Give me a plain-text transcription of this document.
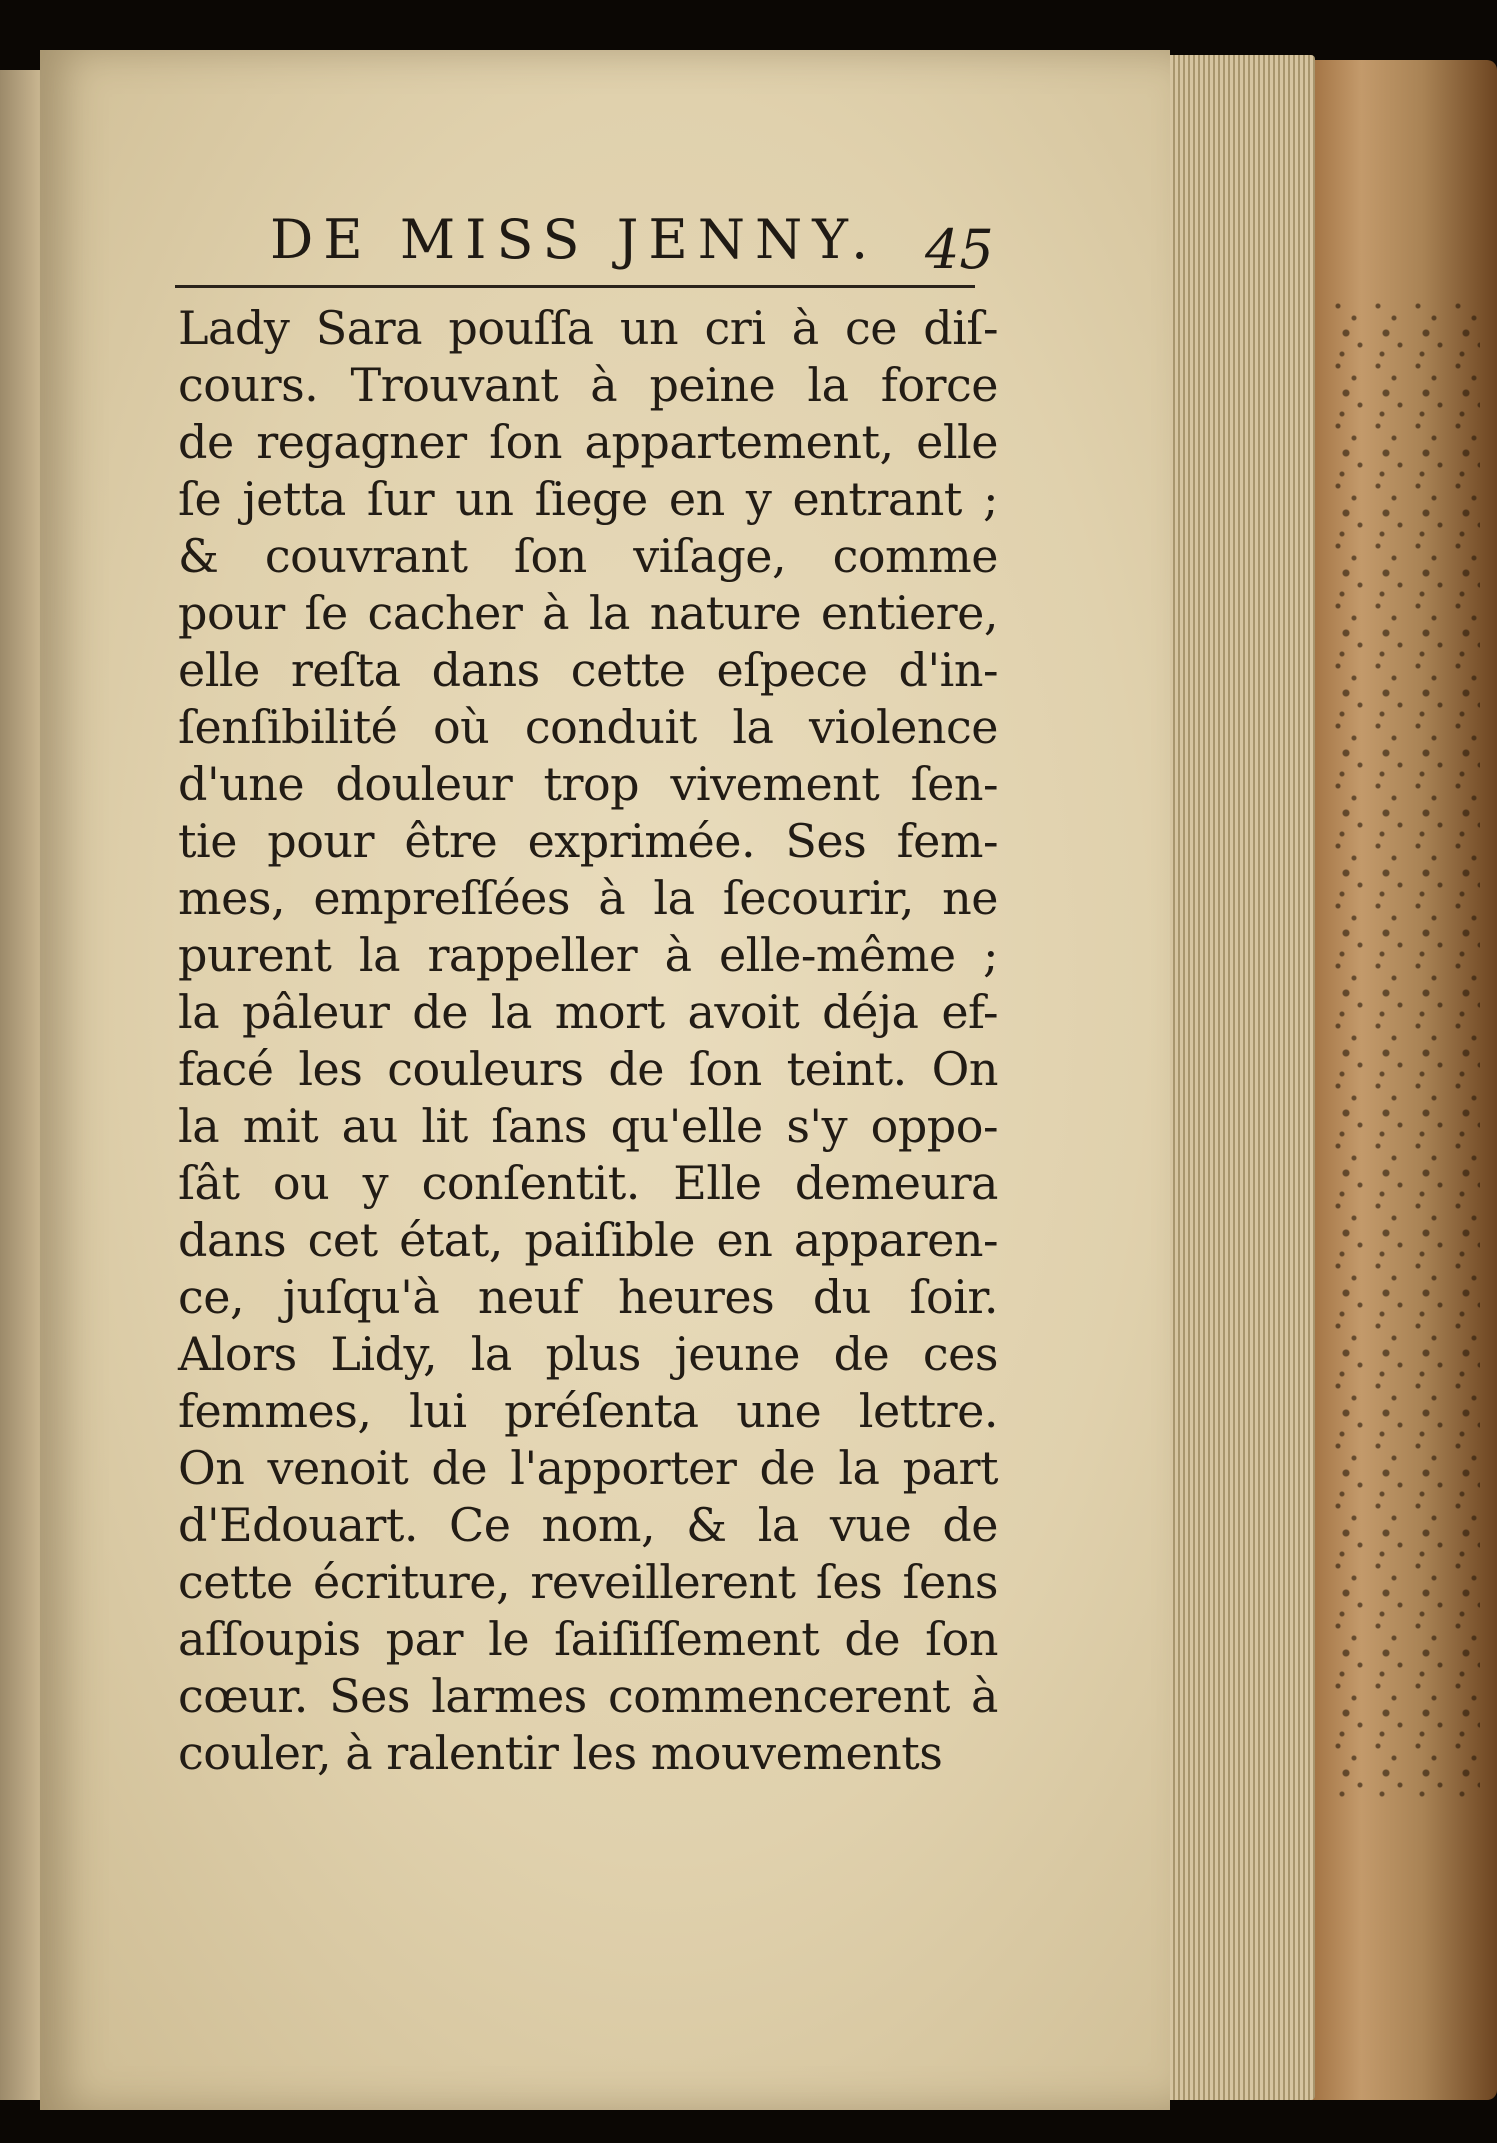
DE MISS JENNY. 45
Lady Sara pouſſa un cri à ce diſ-
cours. Trouvant à peine la force
de regagner ſon appartement, elle
ſe jetta ſur un ſiege en y entrant ;
& couvrant ſon viſage, comme
pour ſe cacher à la nature entiere,
elle reſta dans cette eſpece d'in-
ſenſibilité où conduit la violence
d'une douleur trop vivement ſen-
tie pour être exprimée. Ses fem-
mes, empreſſées à la ſecourir, ne
purent la rappeller à elle-même ;
la pâleur de la mort avoit déja ef-
facé les couleurs de ſon teint. On
la mit au lit ſans qu'elle s'y oppo-
ſât ou y conſentit. Elle demeura
dans cet état, paiſible en apparen-
ce, juſqu'à neuf heures du ſoir.
Alors Lidy, la plus jeune de ces
femmes, lui préſenta une lettre.
On venoit de l'apporter de la part
d'Edouart. Ce nom, & la vue de
cette écriture, reveillerent ſes ſens
aſſoupis par le ſaiſiſſement de ſon
cœur. Ses larmes commencerent à
couler, à ralentir les mouvements
